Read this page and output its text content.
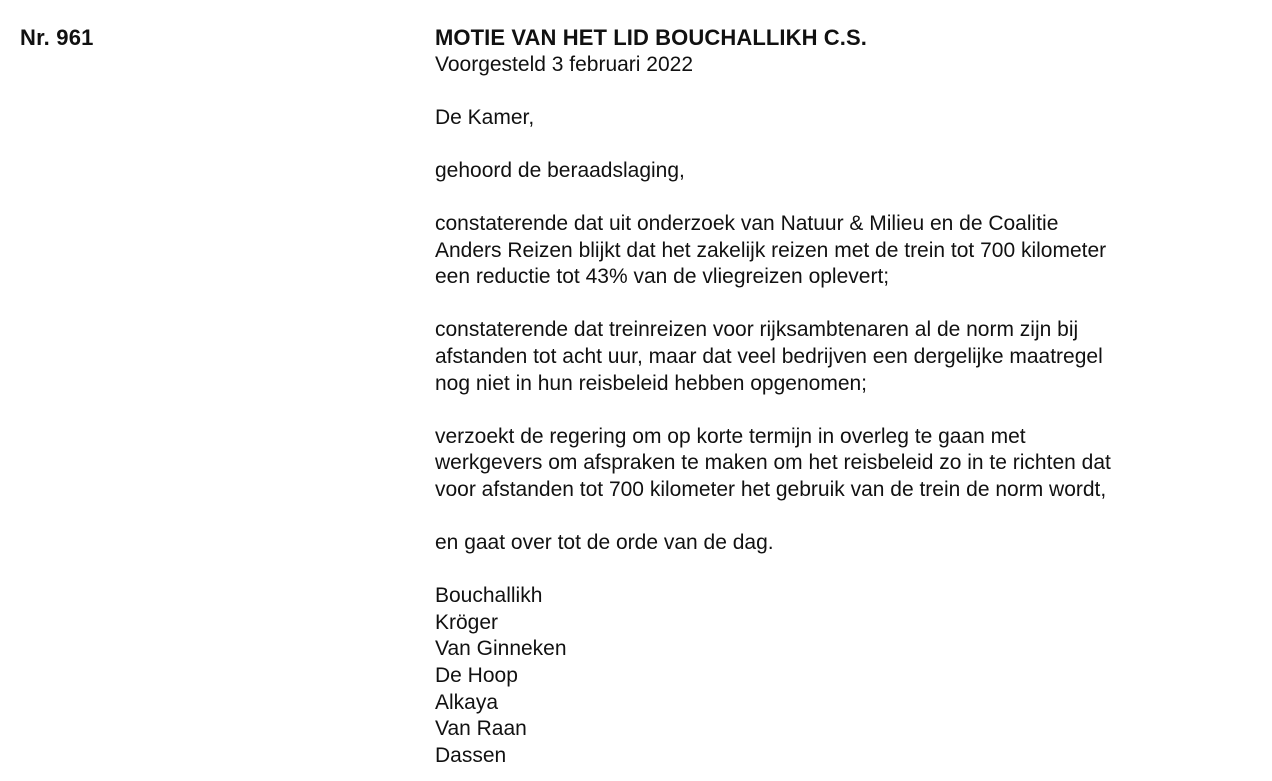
Nr. 961	MOTIE VAN HET LID BOUCHALLIKH C.S.
Voorgesteld 3 februari 2022

De Kamer,

gehoord de beraadslaging,

constaterende dat uit onderzoek van Natuur & Milieu en de Coalitie
Anders Reizen blijkt dat het zakelijk reizen met de trein tot 700 kilometer
een reductie tot 43% van de vliegreizen oplevert;

constaterende dat treinreizen voor rijksambtenaren al de norm zijn bij
afstanden tot acht uur, maar dat veel bedrijven een dergelijke maatregel
nog niet in hun reisbeleid hebben opgenomen;

verzoekt de regering om op korte termijn in overleg te gaan met
werkgevers om afspraken te maken om het reisbeleid zo in te richten dat
voor afstanden tot 700 kilometer het gebruik van de trein de norm wordt,

en gaat over tot de orde van de dag.

Bouchallikh
Kröger
Van Ginneken
De Hoop
Alkaya
Van Raan
Dassen
